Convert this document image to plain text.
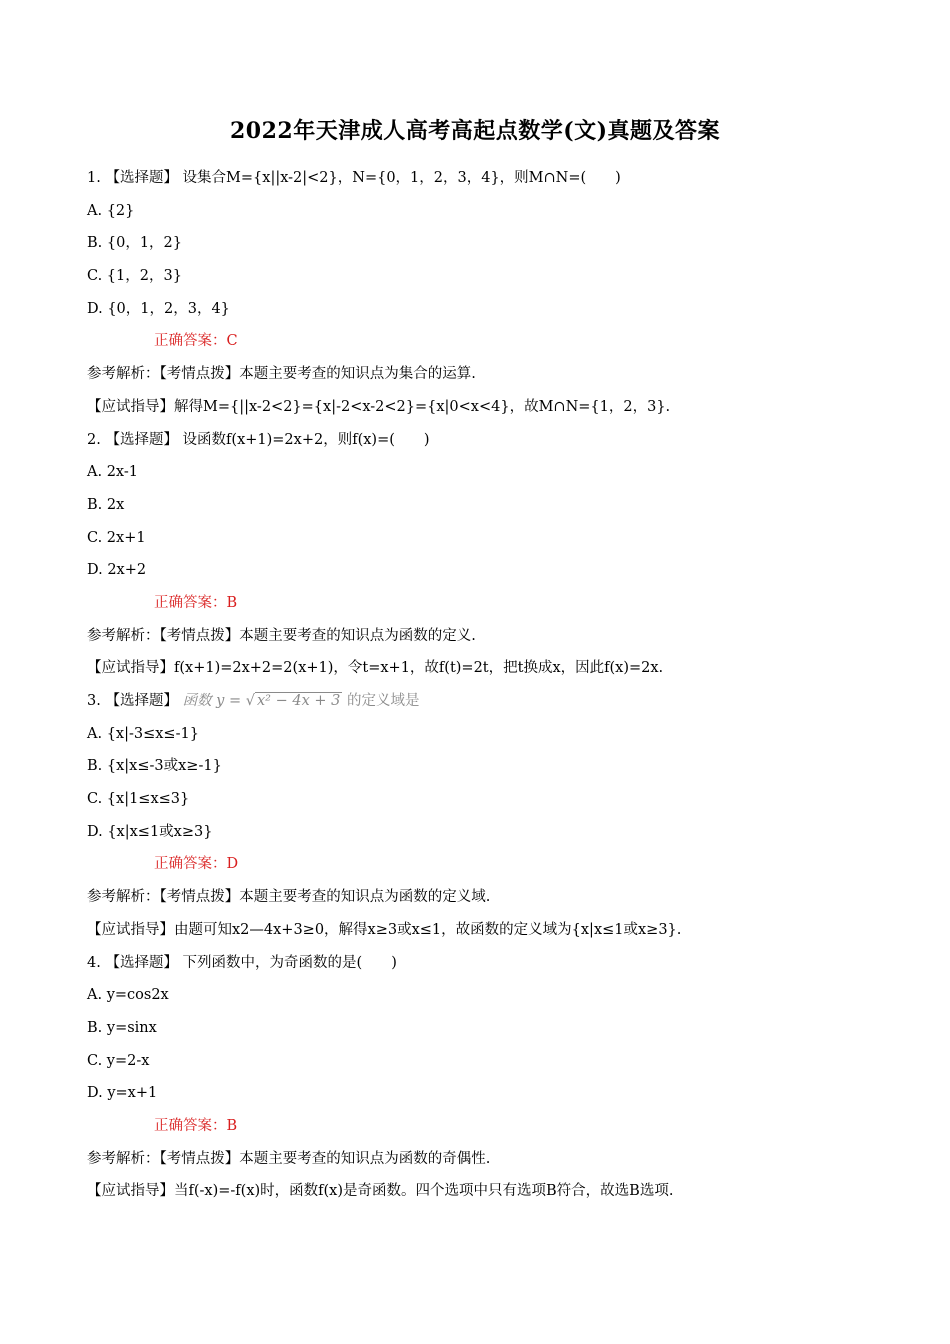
2022年天津成人高考高起点数学(文)真题及答案
1. 【选择题】 设集合M={x||x-2|<2}，N={0，1，2，3，4}，则M∩N=(　　)
A. {2}
B. {0，1，2}
C. {1，2，3}
D. {0，1，2，3，4}
正确答案：C
参考解析：【考情点拨】本题主要考查的知识点为集合的运算.
【应试指导】解得M={||x-2<2}={x|-2<x-2<2}={x|0<x<4}，故M∩N={1，2，3}.
2. 【选择题】 设函数f(x+1)=2x+2，则f(x)=(　　)
A. 2x-1
B. 2x
C. 2x+1
D. 2x+2
正确答案：B
参考解析：【考情点拨】本题主要考查的知识点为函数的定义.
【应试指导】f(x+1)=2x+2=2(x+1)，令t=x+1，故f(t)=2t，把t换成x，因此f(x)=2x.
3. 【选择题】 函数 y = √ x² − 4x + 3 的定义域是
A. {x|-3≤x≤-1}
B. {x|x≤-3或x≥-1}
C. {x|1≤x≤3}
D. {x|x≤1或x≥3}
正确答案：D
参考解析：【考情点拨】本题主要考查的知识点为函数的定义域.
【应试指导】由题可知x2—4x+3≥0，解得x≥3或x≤1，故函数的定义域为{x|x≤1或x≥3}.
4. 【选择题】 下列函数中，为奇函数的是(　　)
A. y=cos2x
B. y=sinx
C. y=2-x
D. y=x+1
正确答案：B
参考解析：【考情点拨】本题主要考查的知识点为函数的奇偶性.
【应试指导】当f(-x)=-f(x)时，函数f(x)是奇函数。四个选项中只有选项B符合，故选B选项.
